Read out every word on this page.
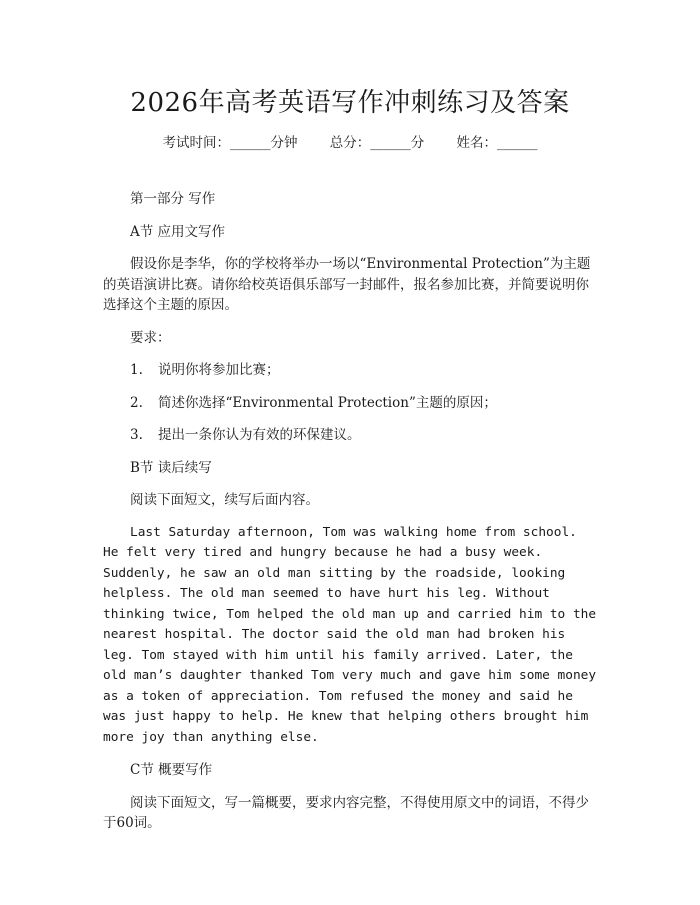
2026年高考英语写作冲刺练习及答案
考试时间：______分钟 总分：______分 姓名：______
第一部分 写作
A节 应用文写作
假设你是李华，你的学校将举办一场以“Environmental Protection”为主题的英语演讲比赛。请你给校英语俱乐部写一封邮件，报名参加比赛，并简要说明你选择这个主题的原因。
要求：
1. 说明你将参加比赛；
2. 简述你选择“Environmental Protection”主题的原因；
3. 提出一条你认为有效的环保建议。
B节 读后续写
阅读下面短文，续写后面内容。
Last Saturday afternoon, Tom was walking home from school. He felt very tired and hungry because he had a busy week. Suddenly, he saw an old man sitting by the roadside, looking helpless. The old man seemed to have hurt his leg. Without thinking twice, Tom helped the old man up and carried him to the nearest hospital. The doctor said the old man had broken his leg. Tom stayed with him until his family arrived. Later, the old man’s daughter thanked Tom very much and gave him some money as a token of appreciation. Tom refused the money and said he was just happy to help. He knew that helping others brought him more joy than anything else.
C节 概要写作
阅读下面短文，写一篇概要，要求内容完整，不得使用原文中的词语，不得少于60词。
